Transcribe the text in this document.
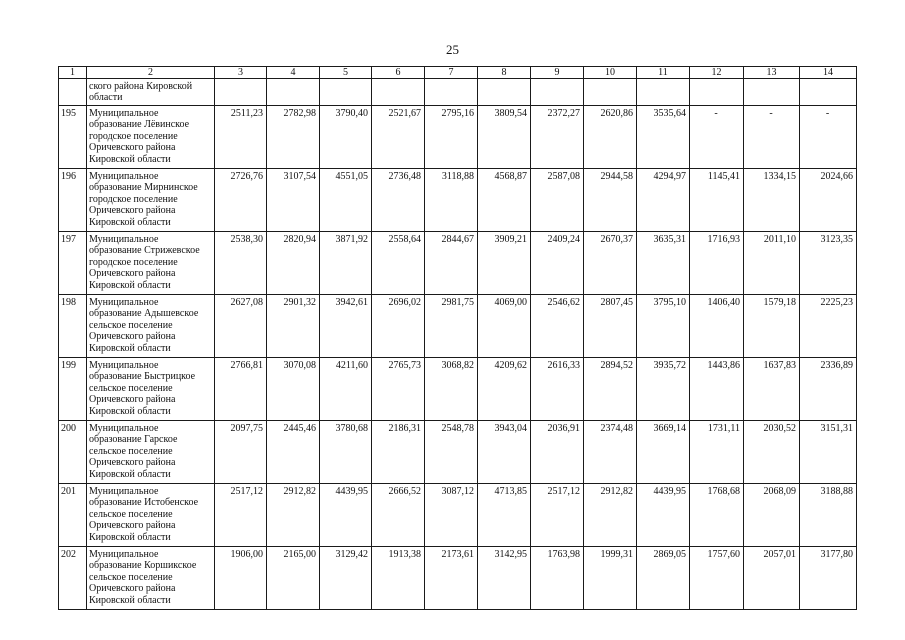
25
1	2	3	4	5	6	7	8	9	10	11	12	13	14
	ского района Кировской области												
195	Муниципальное образование Лёвинское городское поселение Оричевского района Кировской области	2511,23	2782,98	3790,40	2521,67	2795,16	3809,54	2372,27	2620,86	3535,64	-	-	-
196	Муниципальное образование Мирнинское городское поселение Оричевского района Кировской области	2726,76	3107,54	4551,05	2736,48	3118,88	4568,87	2587,08	2944,58	4294,97	1145,41	1334,15	2024,66
197	Муниципальное образование Стрижевское городское поселение Оричевского района Кировской области	2538,30	2820,94	3871,92	2558,64	2844,67	3909,21	2409,24	2670,37	3635,31	1716,93	2011,10	3123,35
198	Муниципальное образование Адышевское сельское поселение Оричевского района Кировской области	2627,08	2901,32	3942,61	2696,02	2981,75	4069,00	2546,62	2807,45	3795,10	1406,40	1579,18	2225,23
199	Муниципальное образование Быстрицкое сельское поселение Оричевского района Кировской области	2766,81	3070,08	4211,60	2765,73	3068,82	4209,62	2616,33	2894,52	3935,72	1443,86	1637,83	2336,89
200	Муниципальное образование Гарское сельское поселение Оричевского района Кировской области	2097,75	2445,46	3780,68	2186,31	2548,78	3943,04	2036,91	2374,48	3669,14	1731,11	2030,52	3151,31
201	Муниципальное образование Истобенское сельское поселение Оричевского района Кировской области	2517,12	2912,82	4439,95	2666,52	3087,12	4713,85	2517,12	2912,82	4439,95	1768,68	2068,09	3188,88
202	Муниципальное образование Коршикское сельское поселение Оричевского района Кировской области	1906,00	2165,00	3129,42	1913,38	2173,61	3142,95	1763,98	1999,31	2869,05	1757,60	2057,01	3177,80
